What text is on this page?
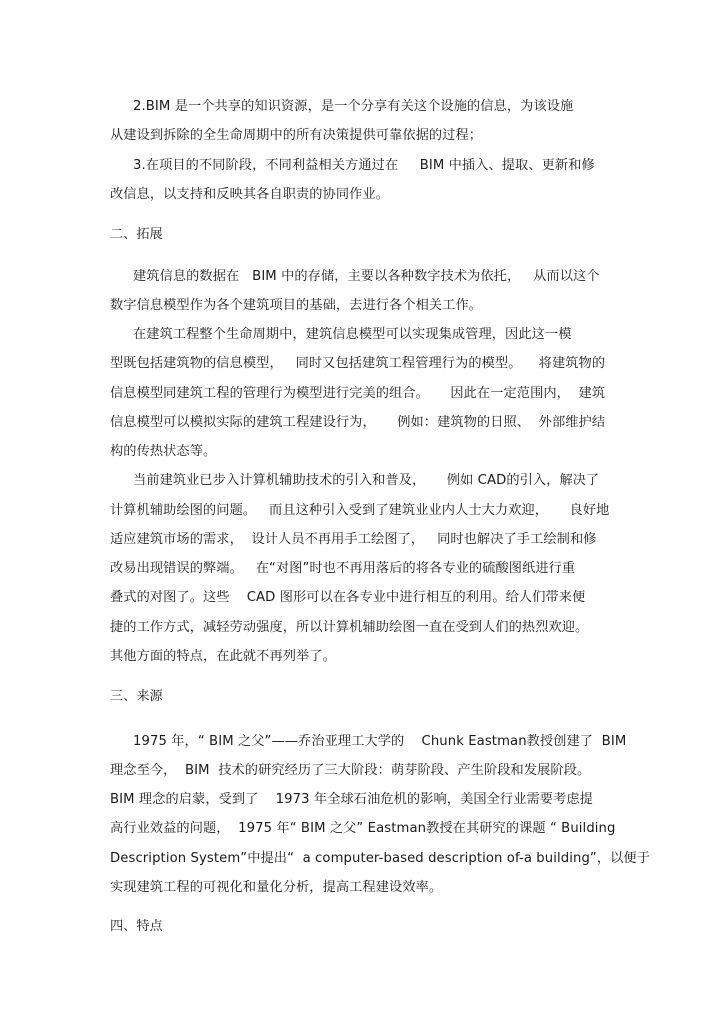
2.BIM 是一个共享的知识资源，是一个分享有关这个设施的信息，为该设施
从建设到拆除的全生命周期中的所有决策提供可靠依据的过程；
3.在项目的不同阶段，不同利益相关方通过在     BIM 中插入、提取、更新和修
改信息，以支持和反映其各自职责的协同作业。
二、拓展
建筑信息的数据在   BIM 中的存储，主要以各种数字技术为依托，   从而以这个
数字信息模型作为各个建筑项目的基础，去进行各个相关工作。
在建筑工程整个生命周期中，建筑信息模型可以实现集成管理，因此这一模
型既包括建筑物的信息模型，   同时又包括建筑工程管理行为的模型。    将建筑物的
信息模型同建筑工程的管理行为模型进行完美的组合。     因此在一定范围内，  建筑
信息模型可以模拟实际的建筑工程建设行为，     例如：建筑物的日照、  外部维护结
构的传热状态等。
当前建筑业已步入计算机辅助技术的引入和普及，     例如 CAD的引入，解决了
计算机辅助绘图的问题。   而且这种引入受到了建筑业业内人士大力欢迎，     良好地
适应建筑市场的需求，  设计人员不再用手工绘图了，   同时也解决了手工绘制和修
改易出现错误的弊端。   在“对图”时也不再用落后的将各专业的硫酸图纸进行重
叠式的对图了。这些    CAD 图形可以在各专业中进行相互的利用。给人们带来便
捷的工作方式，减轻劳动强度，所以计算机辅助绘图一直在受到人们的热烈欢迎。
其他方面的特点，在此就不再列举了。
三、来源
1975 年，“ BIM 之父”——乔治亚理工大学的    Chunk Eastman教授创建了  BIM
理念至今，  BIM  技术的研究经历了三大阶段：萌芽阶段、产生阶段和发展阶段。
BIM 理念的启蒙，受到了    1973 年全球石油危机的影响，美国全行业需要考虑提
高行业效益的问题，  1975 年“ BIM 之父” Eastman教授在其研究的课题 “ Building
Description System”中提出“  a computer-based description of-a building”，以便于
实现建筑工程的可视化和量化分析，提高工程建设效率。
四、特点
